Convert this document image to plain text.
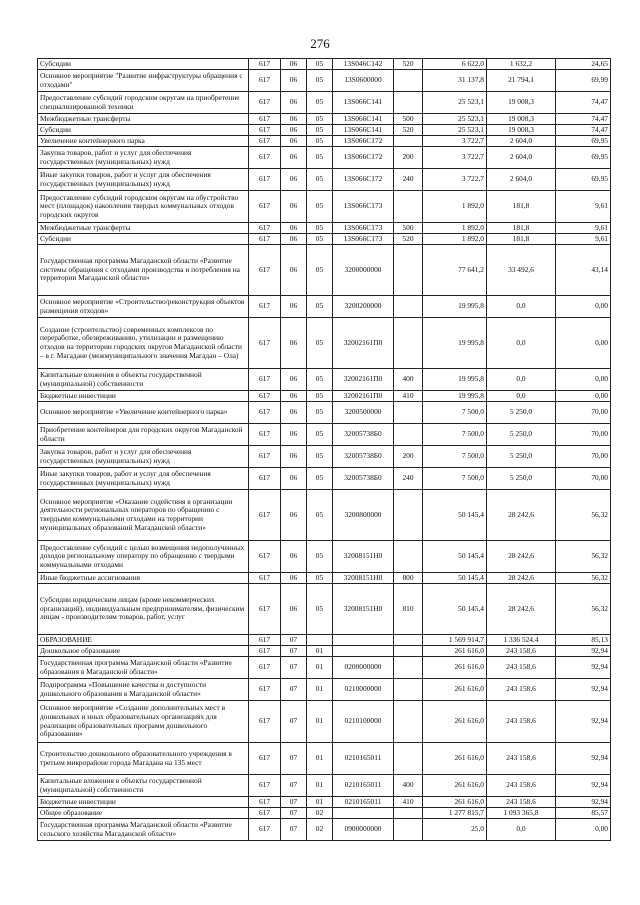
276
Субсидии	617	06	05	13S046C142	520	6 622,0	1 632,2	24,65
Основное мероприятие "Развитие инфраструктуры обращения с отходами"	617	06	05	13S0600000		31 137,8	21 794,1	69,99
Предоставление субсидий городским округам на приобретение специализированной техники	617	06	05	13S066C141		25 523,1	19 008,3	74,47
Межбюджетные трансферты	617	06	05	13S066C141	500	25 523,1	19 008,3	74,47
Субсидии	617	06	05	13S066C141	520	25 523,1	19 008,3	74,47
Увеличение контейнерного парка	617	06	05	13S066C172		3 722,7	2 604,0	69,95
Закупка товаров, работ и услуг для обеспечения государственных (муниципальных) нужд	617	06	05	13S066C172	200	3 722,7	2 604,0	69,95
Иные закупки товаров, работ и услуг для обеспечения государственных (муниципальных) нужд	617	06	05	13S066C172	240	3 722,7	2 604,0	69,95
Предоставление субсидий городским округам на обустройство мест (площадок) накопления твердых коммунальных отходов городских округов	617	06	05	13S066C173		1 892,0	181,8	9,61
Межбюджетные трансферты	617	06	05	13S066C173	500	1 892,0	181,8	9,61
Субсидии	617	06	05	13S066C173	520	1 892,0	181,8	9,61
Государственная программа Магаданской области «Развитие системы обращения с отходами производства и потребления на территории Магаданской области»	617	06	05	3200000000		77 641,2	33 492,6	43,14
Основное мероприятие «Строительство/реконструкция объектов размещения отходов»	617	06	05	3200200000		19 995,8	0,0	0,00
Создание (строительство) современных комплексов по переработке, обезвреживанию, утилизации и размещению отходов на территории городских округов Магаданской области – в г. Магадане (межмуниципального значения Магадан – Ола)	617	06	05	32002161П0		19 995,8	0,0	0,00
Капитальные вложения в объекты государственной (муниципальной) собственности	617	06	05	32002161П0	400	19 995,8	0,0	0,00
Бюджетные инвестиции	617	06	05	32002161П0	410	19 995,8	0,0	0,00
Основное мероприятие «Увеличение контейнерного парка»	617	06	05	3200500000		7 500,0	5 250,0	70,00
Приобретение контейнеров для городских округов Магаданской области	617	06	05	32005738Б0		7 500,0	5 250,0	70,00
Закупка товаров, работ и услуг для обеспечения государственных (муниципальных) нужд	617	06	05	32005738Б0	200	7 500,0	5 250,0	70,00
Иные закупки товаров, работ и услуг для обеспечения государственных (муниципальных) нужд	617	06	05	32005738Б0	240	7 500,0	5 250,0	70,00
Основное мероприятие «Оказание содействия в организации деятельности региональных операторов по обращению с твердыми коммунальными отходами на территории муниципальных образований Магаданской области»	617	06	05	3200800000		50 145,4	28 242,6	56,32
Предоставление субсидий с целью возмещения недополученных доходов региональному оператору по обращению с твердыми коммунальными отходами	617	06	05	32008151Н0		50 145,4	28 242,6	56,32
Иные бюджетные ассигнования	617	06	05	32008151Н0	800	50 145,4	28 242,6	56,32
Субсидии юридическим лицам (кроме некоммерческих организаций), индивидуальным предпринимателям, физическим лицам - производителям товаров, работ, услуг	617	06	05	32008151Н0	810	50 145,4	28 242,6	56,32
ОБРАЗОВАНИЕ	617	07				1 569 914,7	1 336 524,4	85,13
Дошкольное образование	617	07	01			261 616,0	243 158,6	92,94
Государственная программа Магаданской области «Развитие образования в Магаданской области»	617	07	01	0200000000		261 616,0	243 158,6	92,94
Подпрограмма «Повышение качества и доступности дошкольного образования в Магаданской области»	617	07	01	0210000000		261 616,0	243 158,6	92,94
Основное мероприятие «Создание дополнительных мест в дошкольных и иных образовательных организациях для реализации образовательных программ дошкольного образования»	617	07	01	0210100000		261 616,0	243 158,6	92,94
Строительство дошкольного образовательного учреждения в третьем микрорайоне города Магадана на 135 мест	617	07	01	0210165011		261 616,0	243 158,6	92,94
Капитальные вложения в объекты государственной (муниципальной) собственности	617	07	01	0210165011	400	261 616,0	243 158,6	92,94
Бюджетные инвестиции	617	07	01	0210165011	410	261 616,0	243 158,6	92,94
Общее образование	617	07	02			1 277 815,7	1 093 365,8	85,57
Государственная программа Магаданской области «Развитие сельского хозяйства Магаданской области»	617	07	02	0900000000		25,0	0,0	0,00
